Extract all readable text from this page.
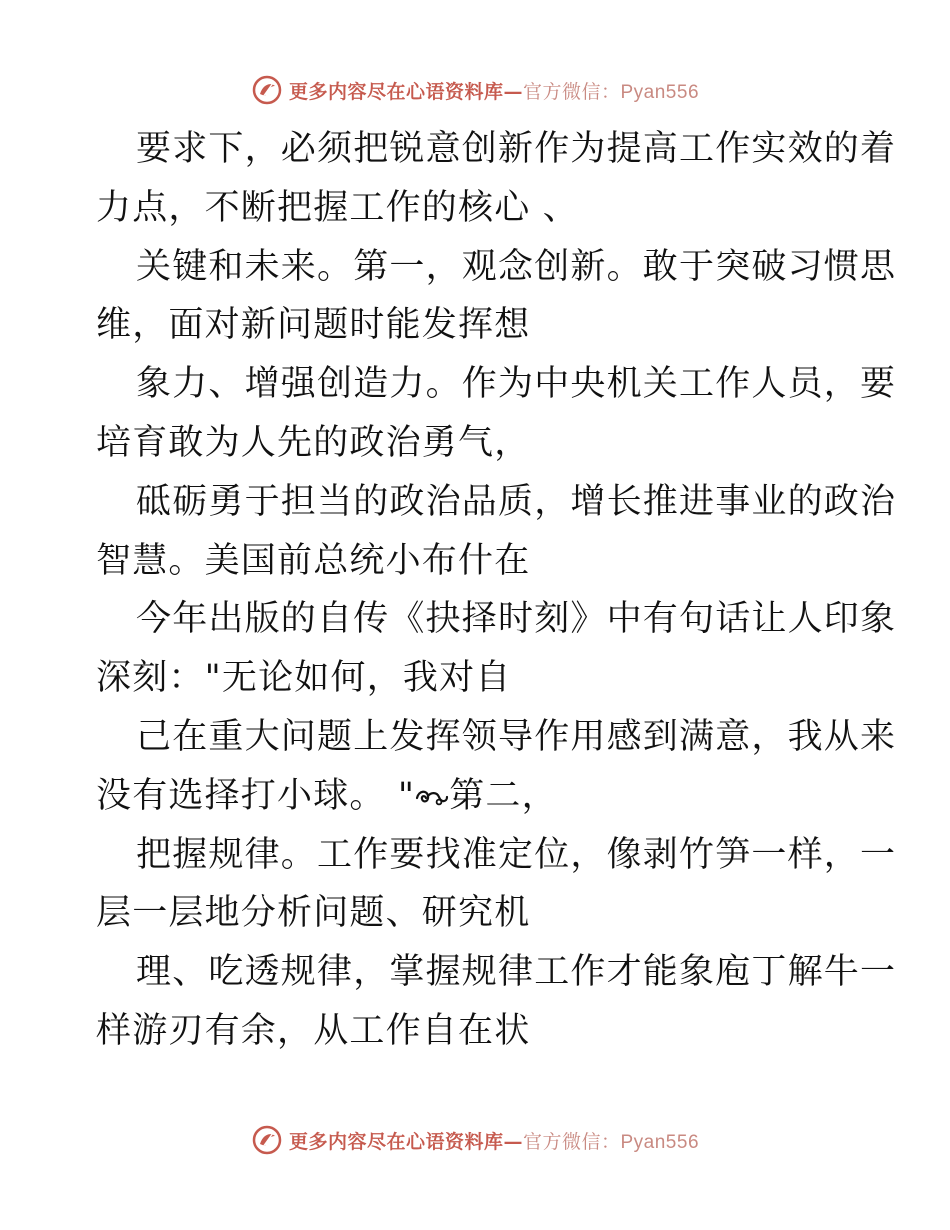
更多内容尽在心语资料库—官方微信：Pyan556
要求下，必须把锐意创新作为提高工作实效的着
力点，不断把握工作的核心 、
关键和未来。第一，观念创新。敢于突破习惯思
维，面对新问题时能发挥想
象力、增强创造力。作为中央机关工作人员，要
培育敢为人先的政治勇气，
砥砺勇于担当的政治品质，增长推进事业的政治
智慧。美国前总统小布什在
今年出版的自传《抉择时刻》中有句话让人印象
深刻："无论如何，我对自
己在重大问题上发挥领导作用感到满意，我从来
没有选择打小球。 " 第二，
把握规律。工作要找准定位，像剥竹笋一样，一
层一层地分析问题、研究机
理、吃透规律，掌握规律工作才能象庖丁解牛一
样游刃有余，从工作自在状
更多内容尽在心语资料库—官方微信：Pyan556
